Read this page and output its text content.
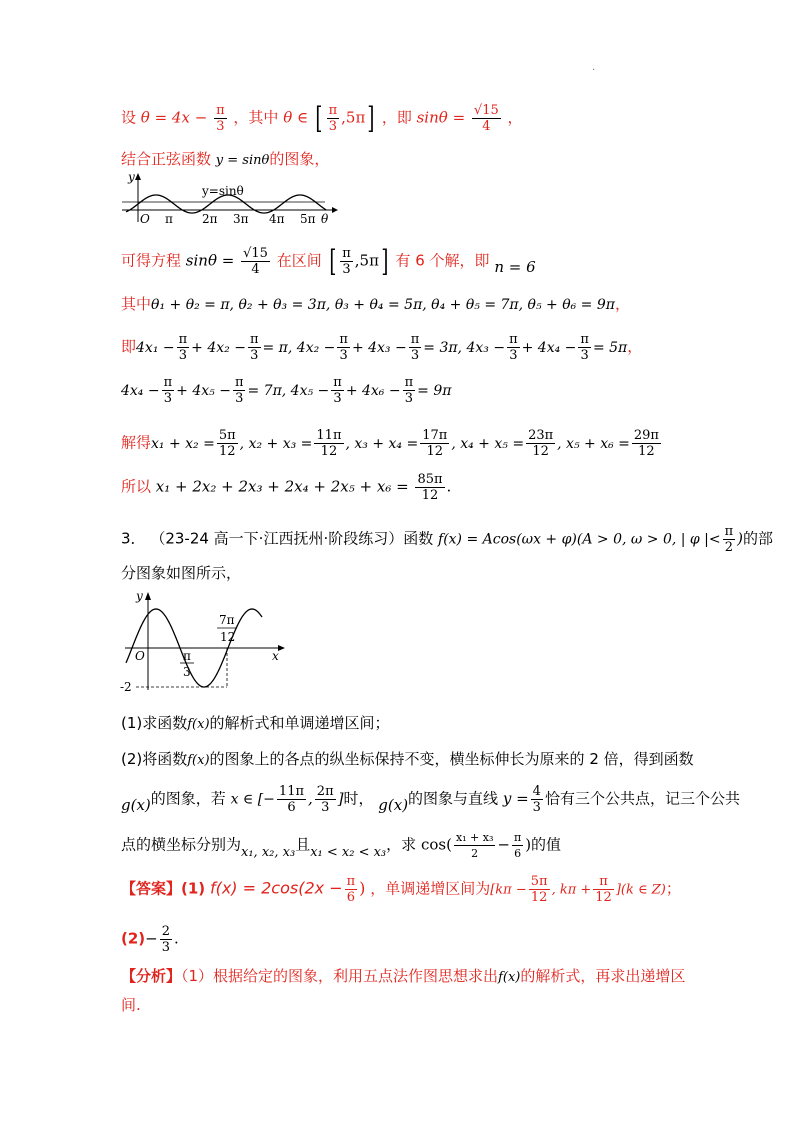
.
设 $\theta = 4x - \frac{\pi}{3}$ ，其中 θ ∈ [ $\frac{\pi}{3} ,5\pi$] ，即 $\sin\theta = \frac{√15}{4}$ ，
结合正弦函数 y = sinθ的图象，
y
y=sinθ
O π 2π 3π 4π 5π θ
可得方程 $\sin\theta = \frac{√15}{4}$ 在区间 [ $\frac{\pi}{3} ,5\pi$] 有 6 个解，即 n = 6
其中θ₁ + θ₂ = π, θ₂ + θ₃ = 3π, θ₃ + θ₄ = 5π, θ₄ + θ₅ = 7π, θ₅ + θ₆ = 9π，
即$4x_1 - \frac{\pi}{3} + 4x_2 - \frac{\pi}{3} = \pi$, $4x_2 - \frac{\pi}{3} + 4x_3 - \frac{\pi}{3} = 3\pi$, $4x_3 - \frac{\pi}{3} + 4x_4 - \frac{\pi}{3} = 5\pi$，
$4x_4 - \frac{\pi}{3} + 4x_5 - \frac{\pi}{3} = 7\pi$, $4x_5 - \frac{\pi}{3} + 4x_6 - \frac{\pi}{3} = 9\pi$
解得$x_1 + x_2 = \frac{5\pi}{12}$ , $x_2 + x_3 = \frac{11\pi}{12}$ , $x_3 + x_4 = \frac{17\pi}{12}$ , $x_4 + x_5 = \frac{23\pi}{12}$ , $x_5 + x_6 = \frac{29\pi}{12}$
所以 $x_1 + 2x_2 + 2x_3 + 2x_4 + 2x_5 + x_6 = \frac{85\pi}{12}$ .
3． （23-24 高一下·江西抚州·阶段练习）函数 f(x) = Acos(ωx + φ)(A > 0, ω > 0, | φ |< $\frac{\pi}{2}$ )的部
分图象如图所示，
y
x
O	π
3
7π
12
-2
(1)求函数f(x)的解析式和单调递增区间；
(2)将函数f(x)的图象上的各点的纵坐标保持不变，横坐标伸长为原来的 2 倍，得到函数
g(x)的图象，若 x ∈ [− $\frac{11\pi}{6}$ , $\frac{2\pi}{3}$ ]时， g(x)的图象与直线 $y = \frac{4}{3}$ 恰有三个公共点，记三个公共
点的横坐标分别为x₁, x₂, x₃且x₁ < x₂ < x₃，求 $\cos( \frac{\text{x₁ + x₃}}{2} - \frac{\pi}{6}$ )的值
【答案】(1) $f(x) = 2\cos(2x - \frac{\pi}{6}$ ) ，单调递增区间为[$k\pi - \frac{5\pi}{12}$ , $k\pi + \frac{\pi}{12} ](k$ ∈ Z)；
$(2)- \frac{2}{3}$ .
【分析】（1）根据给定的图象，利用五点法作图思想求出f(x)的解析式，再求出递增区
间.
